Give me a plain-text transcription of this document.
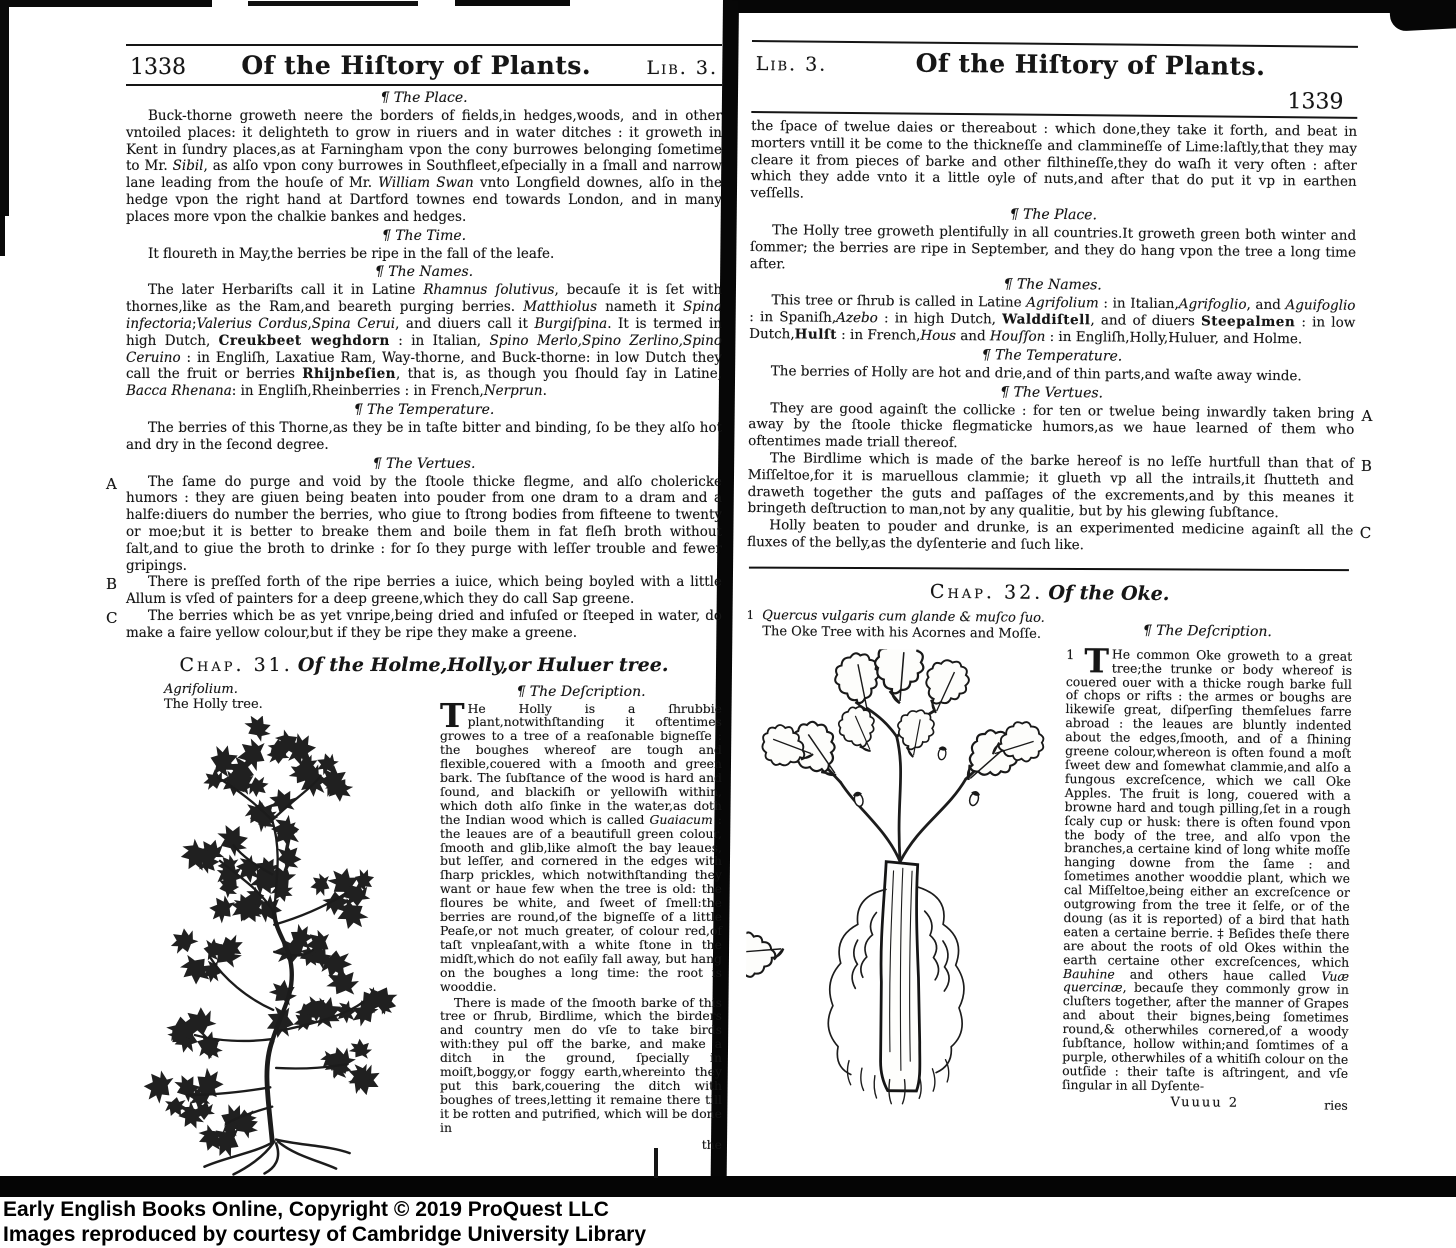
1338 Of the Hiſtory of Plants.	Lib. 3.
¶ The Place.

Buck-thorne groweth neere the borders of fields,in hedges,woods, and in other vntoiled places: it delighteth to grow in riuers and in water ditches : it groweth in Kent in ſundry places,as at Farningham vpon the cony burrowes belonging ſometime to Mr. Sibil, as alſo vpon cony burrowes in Southfleet,eſpecially in a ſmall and narrow lane leading from the houſe of Mr. William Swan vnto Longfield downes, alſo in the hedge vpon the right hand at Dartford townes end towards London, and in many places more vpon the chalkie bankes and hedges.

¶ The Time.

It floureth in May,the berries be ripe in the fall of the leafe.

¶ The Names.

The later Herbariſts call it in Latine Rhamnus ſolutivus, becauſe it is ſet with thornes,like as the Ram,and beareth purging berries. Matthiolus nameth it Spina infectoria;Valerius Cordus,Spina Cerui, and diuers call it Burgiſpina. It is termed in high Dutch, Creukbeet weghdorn : in Italian, Spino Merlo,Spino Zerlino,Spino Ceruino : in Engliſh, Laxatiue Ram, Way-thorne, and Buck-thorne: in low Dutch they call the fruit or berries Rhijnbeſien, that is, as though you ſhould ſay in Latine, Bacca Rhenana: in Engliſh,Rheinberries : in French,Nerprun.

¶ The Temperature.

The berries of this Thorne,as they be in taſte bitter and binding, ſo be they alſo hot and dry in the ſecond degree.

¶ The Vertues.
A	The ſame do purge and void by the ſtoole thicke flegme, and alſo cholericke humors : they are giuen being beaten into pouder from one dram to a dram and a halfe:diuers do number the berries, who giue to ſtrong bodies from fifteene to twenty or moe;but it is better to breake them and boile them in fat fleſh broth without ſalt,and to giue the broth to drinke : for ſo they purge with leſſer trouble and fewer gripings.

B	There is preſſed forth of the ripe berries a iuice, which being boyled with a little Allum is vſed of painters for a deep greene,which they do call Sap greene.

C	The berries which be as yet vnripe,being dried and infuſed or ſteeped in water, do make a faire yellow colour,but if they be ripe they make a greene.

Chap. 31. Of the Holme,Holly,or Huluer tree.
Agrifolium.
The Holly tree.
¶ The Deſcription.

T He Holly is a ſhrubbie plant,notwithſtanding it oftentimes growes to a tree of a reaſonable bigneſſe : the boughes whereof are tough and flexible,couered with a ſmooth and green bark. The ſubſtance of the wood is hard and ſound, and blackiſh or yellowiſh within, which doth alſo ſinke in the water,as doth the Indian wood which is called Guaiacum : the leaues are of a beautifull green colour, ſmooth and glib,like almoſt the bay leaues, but leſſer, and cornered in the edges with ſharp prickles, which notwithſtanding they want or haue few when the tree is old: the floures be white, and ſweet of ſmell:the berries are round,of the bigneſſe of a little Peaſe,or not much greater, of colour red,of taſt vnpleaſant,with a white ſtone in the midſt,which do not eaſily fall away, but hang on the boughes a long time: the root is wooddie.

There is made of the ſmooth barke of this tree or ſhrub, Birdlime, which the birders and country men do vſe to take birds with:they pul off the barke, and make a ditch in the ground, ſpecially in moiſt,boggy,or foggy earth,whereinto they put this bark,couering the ditch with boughes of trees,letting it remaine there till it be rotten and putrified, which will be done in

the
Lib. 3.	Of the Hiſtory of Plants.
1339

the ſpace of twelue daies or thereabout : which done,they take it forth, and beat in morters vntill it be come to the thickneſſe and clammineſſe of Lime:laſtly,that they may cleare it from pieces of barke and other filthineſſe,they do waſh it very often : after which they adde vnto it a little oyle of nuts,and after that do put it vp in earthen veſſells.

¶ The Place.

The Holly tree groweth plentifully in all countries.It groweth green both winter and ſommer; the berries are ripe in September, and they do hang vpon the tree a long time after.

¶ The Names.

This tree or ſhrub is called in Latine Agrifolium : in Italian,Agrifoglio, and Aguifoglio : in Spaniſh,Azebo : in high Dutch, Walddiſtell, and of diuers Steepalmen : in low Dutch,Hulſt : in French,Hous and Houſſon : in Engliſh,Holly,Huluer, and Holme.

¶ The Temperature.

The berries of Holly are hot and drie,and of thin parts,and waſte away winde.

¶ The Vertues.
A

They are good againſt the collicke : for ten or twelue being inwardly taken bring away by the ſtoole thicke flegmaticke humors,as we haue learned of them who oftentimes made triall thereof.

B

The Birdlime which is made of the barke hereof is no leſſe hurtfull than that of Miſſeltoe,for it is maruellous clammie; it glueth vp all the intrails,it ſhutteth and draweth together the guts and paſſages of the excrements,and by this meanes it bringeth deſtruction to man,not by any qualitie, but by his glewing ſubſtance.

C

Holly beaten to pouder and drunke, is an experimented medicine againſt all the fluxes of the belly,as the dyſenterie and ſuch like.

Chap. 32. Of the Oke.
1 Quercus vulgaris cum glande & muſco ſuo.
The Oke Tree with his Acornes and Moſſe.	¶ The Deſcription.

1 T He common Oke groweth to a great tree;the trunke or body whereof is couered ouer with a thicke rough barke full of chops or rifts : the armes or boughs are likewiſe great, diſperſing themſelues farre abroad : the leaues are bluntly indented about the edges,ſmooth, and of a ſhining greene colour,whereon is often found a moſt ſweet dew and ſomewhat clammie,and alſo a fungous excreſcence, which we call Oke Apples. The fruit is long, couered with a browne hard and tough pilling,ſet in a rough ſcaly cup or husk: there is often found vpon the body of the tree, and alſo vpon the branches,a certaine kind of long white moſſe hanging downe from the ſame : and ſometimes another wooddie plant, which we cal Miſſeltoe,being either an excreſcence or outgrowing from the tree it ſelfe, or of the doung (as it is reported) of a bird that hath eaten a certaine berrie. ‡ Beſides theſe there are about the roots of old Okes within the earth certaine other excreſcences, which Bauhine and others haue called Vuæ quercinæ, becauſe they commonly grow in cluſters together, after the manner of Grapes and about their bignes,being ſometimes round,& otherwhiles cornered,of a woody ſubſtance, hollow within;and ſomtimes of a purple, otherwhiles of a whitiſh colour on the outſide : their taſte is aſtringent, and vſe ſingular in all Dyſente-

Vuuuu 2	ries
Early English Books Online, Copyright © 2019 ProQuest LLC
Images reproduced by courtesy of Cambridge University Library
